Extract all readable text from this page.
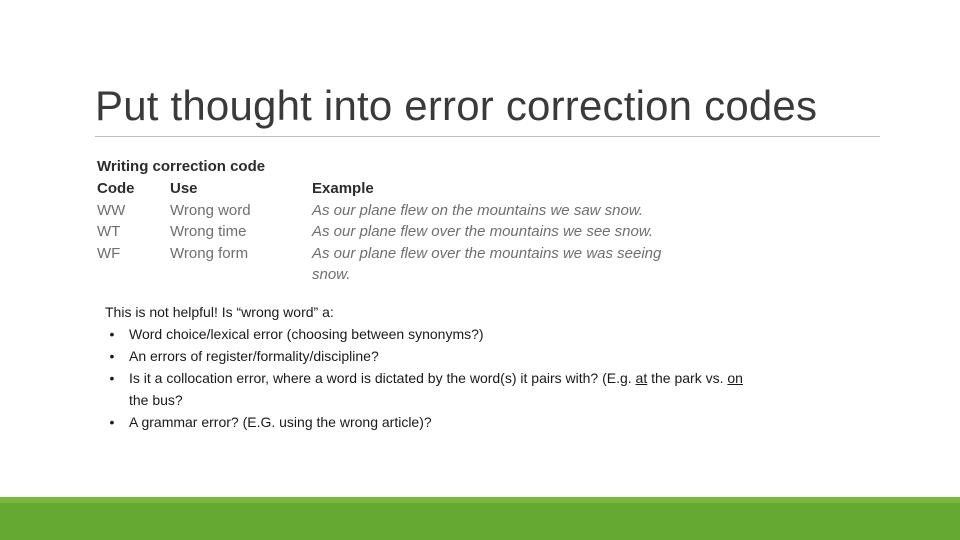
Put thought into error correction codes
Writing correction code
Code	Use	Example
WW	Wrong word	As our plane flew on the mountains we saw snow.
WT	Wrong time	As our plane flew over the mountains we see snow.
WF	Wrong form	As our plane flew over the mountains we was seeing
snow.

This is not helpful! Is “wrong word” a:

•	Word choice/lexical error (choosing between synonyms?)
•	An errors of register/formality/discipline?
•	Is it a collocation error, where a word is dictated by the word(s) it pairs with? (E.g. at the park vs. on the bus?
•	A grammar error? (E.G. using the wrong article)?
